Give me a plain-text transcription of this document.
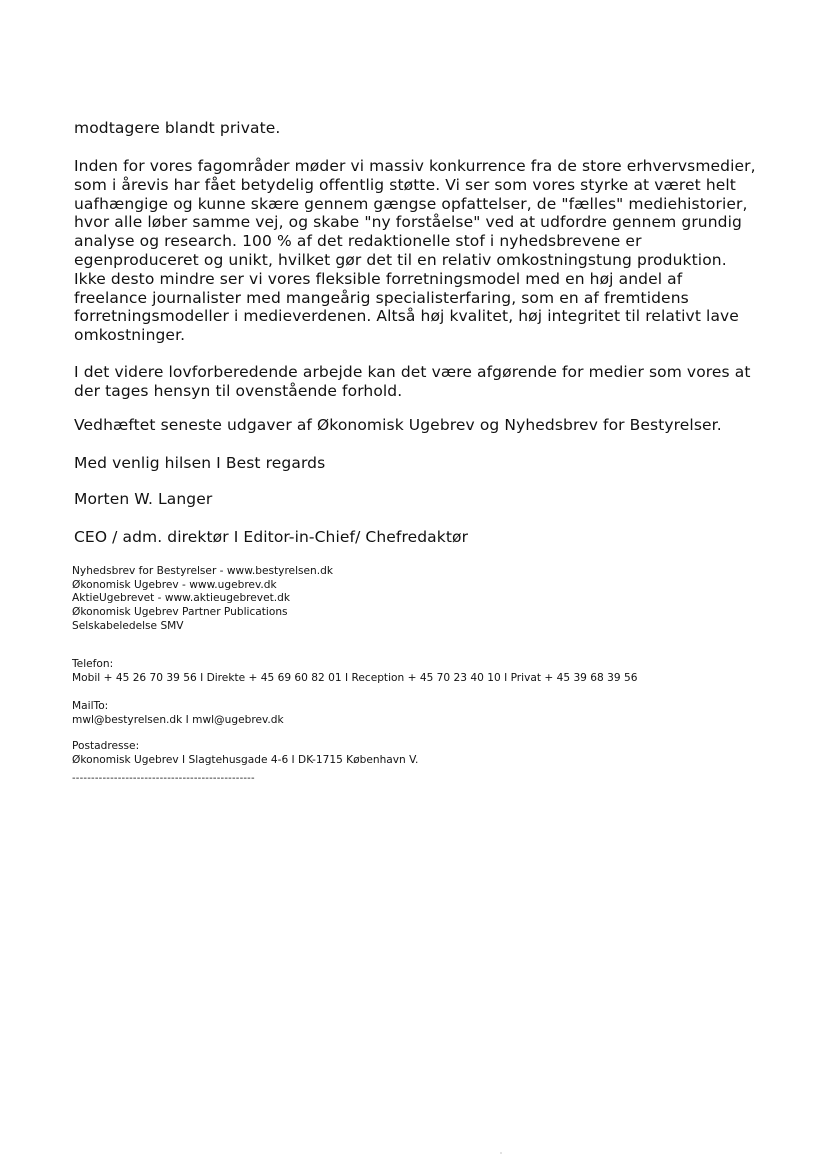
modtagere blandt private.
Inden for vores fagområder møder vi massiv konkurrence fra de store erhvervsmedier,
som i årevis har fået betydelig offentlig støtte. Vi ser som vores styrke at været helt
uafhængige og kunne skære gennem gængse opfattelser, de "fælles" mediehistorier,
hvor alle løber samme vej, og skabe "ny forståelse" ved at udfordre gennem grundig
analyse og research. 100 % af det redaktionelle stof i nyhedsbrevene er
egenproduceret og unikt, hvilket gør det til en relativ omkostningstung produktion.
Ikke desto mindre ser vi vores fleksible forretningsmodel med en høj andel af
freelance journalister med mangeårig specialisterfaring, som en af fremtidens
forretningsmodeller i medieverdenen. Altså høj kvalitet, høj integritet til relativt lave
omkostninger.
I det videre lovforberedende arbejde kan det være afgørende for medier som vores at
der tages hensyn til ovenstående forhold.
Vedhæftet seneste udgaver af Økonomisk Ugebrev og Nyhedsbrev for Bestyrelser.
Med venlig hilsen I Best regards
Morten W. Langer
CEO / adm. direktør I Editor-in-Chief/ Chefredaktør
Nyhedsbrev for Bestyrelser - www.bestyrelsen.dk
Økonomisk Ugebrev - www.ugebrev.dk
AktieUgebrevet - www.aktieugebrevet.dk
Økonomisk Ugebrev Partner Publications
Selskabeledelse SMV
Telefon:
Mobil + 45 26 70 39 56 I Direkte + 45 69 60 82 01 I Reception + 45 70 23 40 10 I Privat + 45 39 68 39 56
MailTo:
mwl@bestyrelsen.dk I mwl@ugebrev.dk
Postadresse:
Økonomisk Ugebrev I Slagtehusgade 4-6 I DK-1715 København V.
------------------------------------------------
